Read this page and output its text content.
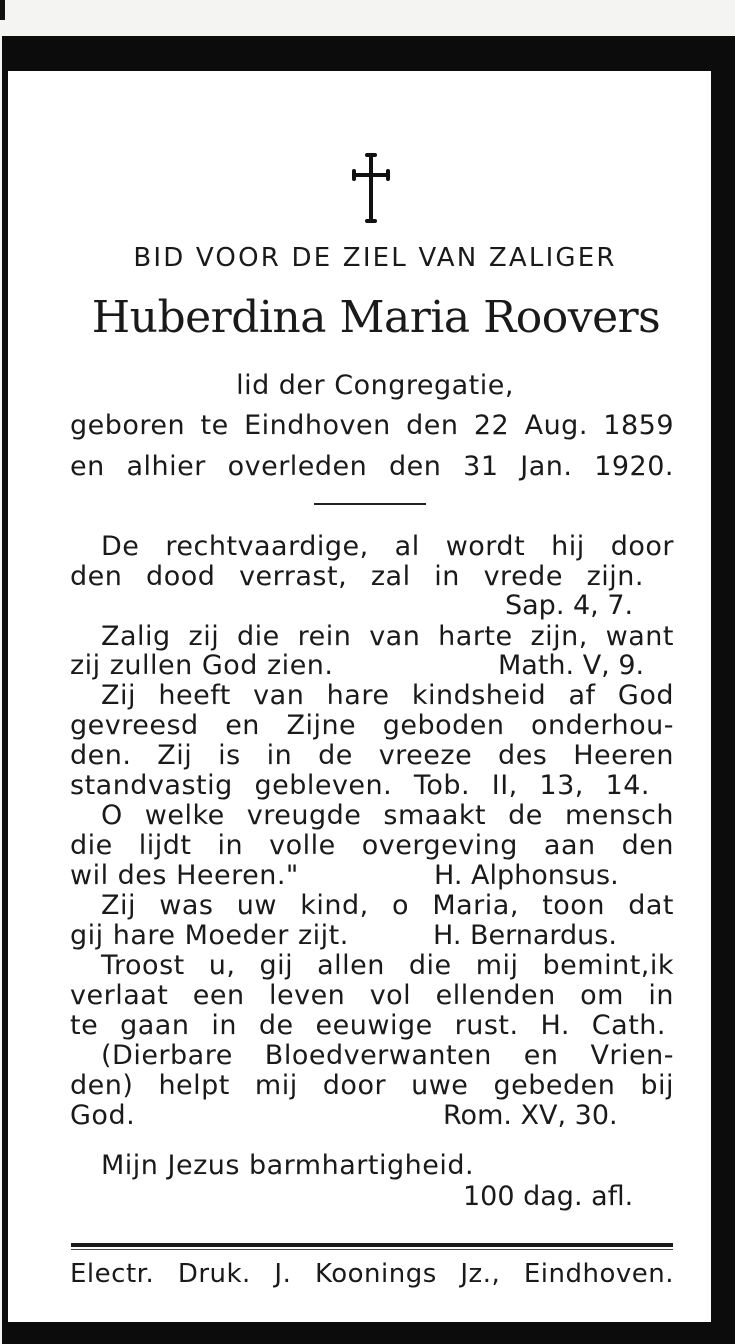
BID VOOR DE ZIEL VAN ZALIGER
Huberdina Maria Roovers
lid der Congregatie,
geboren te Eindhoven den 22 Aug. 1859
en alhier overleden den 31 Jan. 1920.
De rechtvaardige, al wordt hij door
den dood verrast, zal in vrede zijn.
Sap. 4, 7.
Zalig zij die rein van harte zijn, want
zij zullen God zien.	Math. V, 9.
Zij heeft van hare kindsheid af God
gevreesd en Zijne geboden onderhou-
den. Zij is in de vreeze des Heeren
standvastig gebleven. Tob. II, 13, 14.
O welke vreugde smaakt de mensch
die lijdt in volle overgeving aan den
wil des Heeren."	H. Alphonsus.
Zij was uw kind, o Maria, toon dat
gij hare Moeder zijt.	H. Bernardus.
Troost u, gij allen die mij bemint,ik
verlaat een leven vol ellenden om in
te gaan in de eeuwige rust. H. Cath.
(Dierbare Bloedverwanten en Vrien-
den) helpt mij door uwe gebeden bij
God.	Rom. XV, 30.
Mijn Jezus barmhartigheid.
100 dag. afl.
Electr. Druk. J. Koonings Jz., Eindhoven.
